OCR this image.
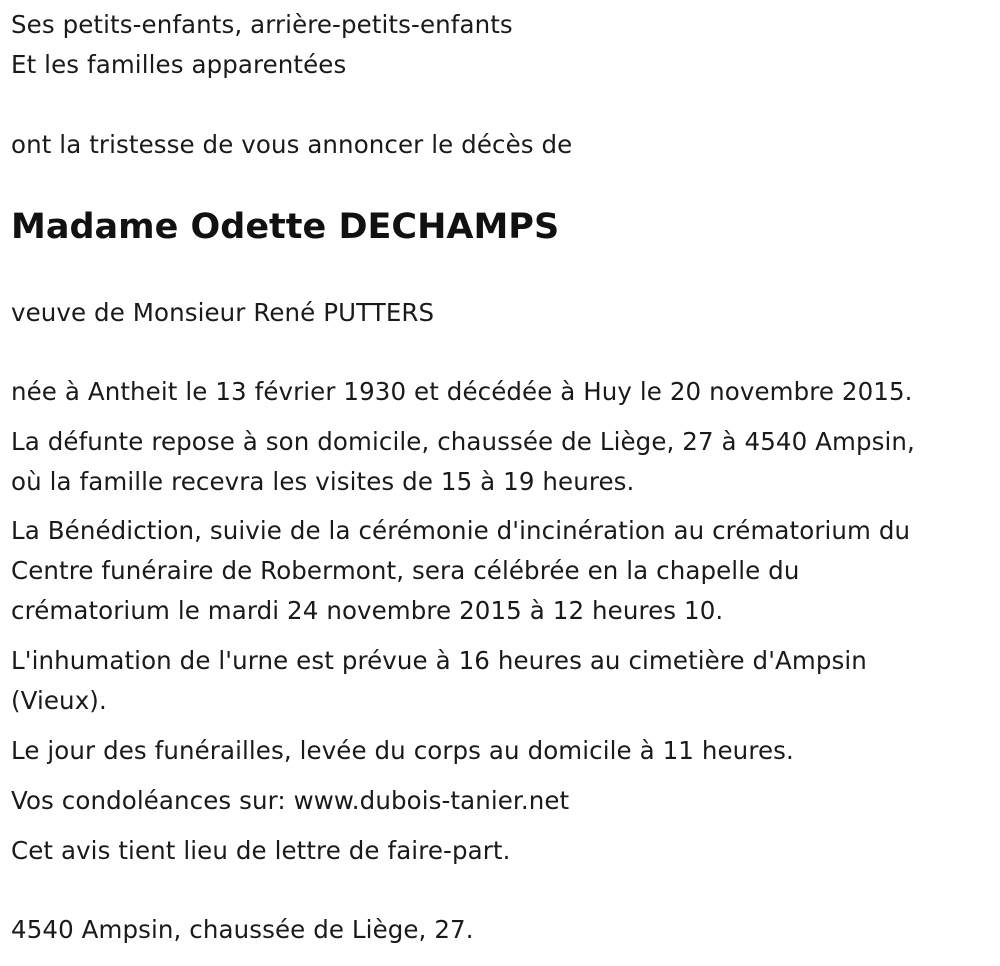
Ses petits-enfants, arrière-petits-enfants
Et les familles apparentées
ont la tristesse de vous annoncer le décès de
Madame Odette DECHAMPS
veuve de Monsieur René PUTTERS
née à Antheit le 13 février 1930 et décédée à Huy le 20 novembre 2015.
La défunte repose à son domicile, chaussée de Liège, 27 à 4540 Ampsin,
où la famille recevra les visites de 15 à 19 heures.
La Bénédiction, suivie de la cérémonie d'incinération au crématorium du
Centre funéraire de Robermont, sera célébrée en la chapelle du
crématorium le mardi 24 novembre 2015 à 12 heures 10.
L'inhumation de l'urne est prévue à 16 heures au cimetière d'Ampsin
(Vieux).
Le jour des funérailles, levée du corps au domicile à 11 heures.
Vos condoléances sur: www.dubois-tanier.net
Cet avis tient lieu de lettre de faire-part.
4540 Ampsin, chaussée de Liège, 27.
